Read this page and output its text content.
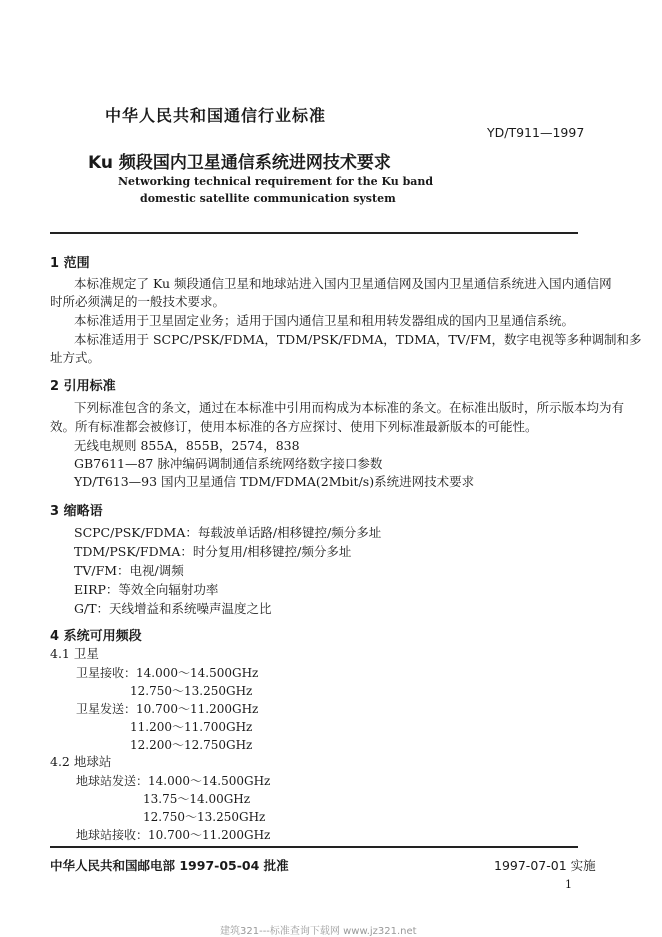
中华人民共和国通信行业标准
YD/T911—1997
Ku 频段国内卫星通信系统进网技术要求
Networking technical requirement for the Ku band
domestic satellite communication system
1 范围
本标准规定了 Ku 频段通信卫星和地球站进入国内卫星通信网及国内卫星通信系统进入国内通信网
时所必须满足的一般技术要求。
本标准适用于卫星固定业务；适用于国内通信卫星和租用转发器组成的国内卫星通信系统。
本标准适用于 SCPC/PSK/FDMA，TDM/PSK/FDMA，TDMA，TV/FM，数字电视等多种调制和多
址方式。
2 引用标准
下列标准包含的条文，通过在本标准中引用而构成为本标准的条文。在标准出版时，所示版本均为有
效。所有标准都会被修订，使用本标准的各方应探讨、使用下列标准最新版本的可能性。
无线电规则 855A，855B，2574，838
GB7611—87 脉冲编码调制通信系统网络数字接口参数
YD/T613—93 国内卫星通信 TDM/FDMA(2Mbit/s)系统进网技术要求
3 缩略语
SCPC/PSK/FDMA：每载波单话路/相移键控/频分多址
TDM/PSK/FDMA：时分复用/相移键控/频分多址
TV/FM：电视/调频
EIRP：等效全向辐射功率
G/T：天线增益和系统噪声温度之比
4 系统可用频段
4.1 卫星
卫星接收：14.000～14.500GHz
12.750～13.250GHz
卫星发送：10.700～11.200GHz
11.200～11.700GHz
12.200～12.750GHz
4.2 地球站
地球站发送：14.000～14.500GHz
13.75～14.00GHz
12.750～13.250GHz
地球站接收：10.700～11.200GHz
中华人民共和国邮电部 1997-05-04 批准	1997-07-01 实施
1
建筑321---标准查询下载网 www.jz321.net
